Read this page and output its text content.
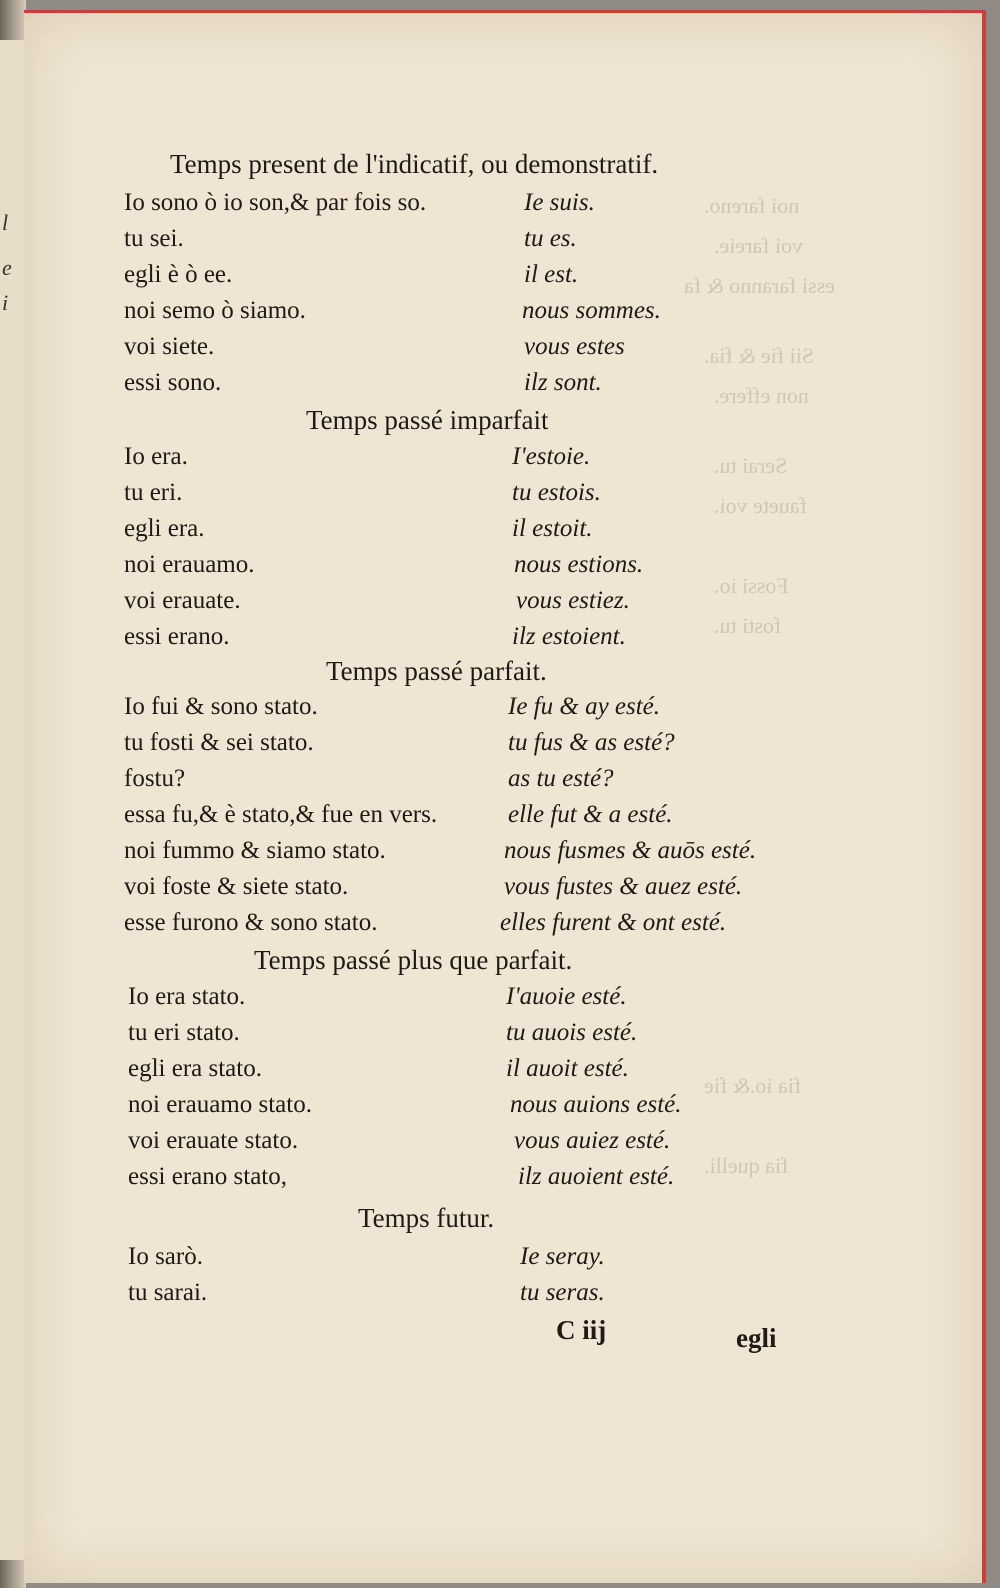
l
e
i
noi fareno.
voi fareie.
essi faranno & fa
Sii fie & fia.
non effere.
Serai tu.
fauete voi.
Fossi io.
fosti tu.
fia io.& fie
fia quelli.
Temps present de l'indicatif, ou demonstratif.
Io sono ò io son,& par fois so.	Ie suis.
tu sei.	tu es.
egli è ò ee.	il est.
noi semo ò siamo.	nous sommes.
voi siete.	vous estes
essi sono.	ilz sont.
Temps passé imparfait
Io era.	I'estoie.
tu eri.	tu estois.
egli era.	il estoit.
noi erauamo.	nous estions.
voi erauate.	vous estiez.
essi erano.	ilz estoient.
Temps passé parfait.
Io fui & sono stato.	Ie fu & ay esté.
tu fosti & sei stato.	tu fus & as esté?
fostu?	as tu esté?
essa fu,& è stato,& fue en vers.	elle fut & a esté.
noi fummo & siamo stato.	nous fusmes & auōs esté.
voi foste & siete stato.	vous fustes & auez esté.
esse furono & sono stato.	elles furent & ont esté.
Temps passé plus que parfait.
Io era stato.	I'auoie esté.
tu eri stato.	tu auois esté.
egli era stato.	il auoit esté.
noi erauamo stato.	nous auions esté.
voi erauate stato.	vous auiez esté.
essi erano stato,	ilz auoient esté.
Temps futur.
Io sarò.	Ie seray.
tu sarai.	tu seras.
C iij	egli
